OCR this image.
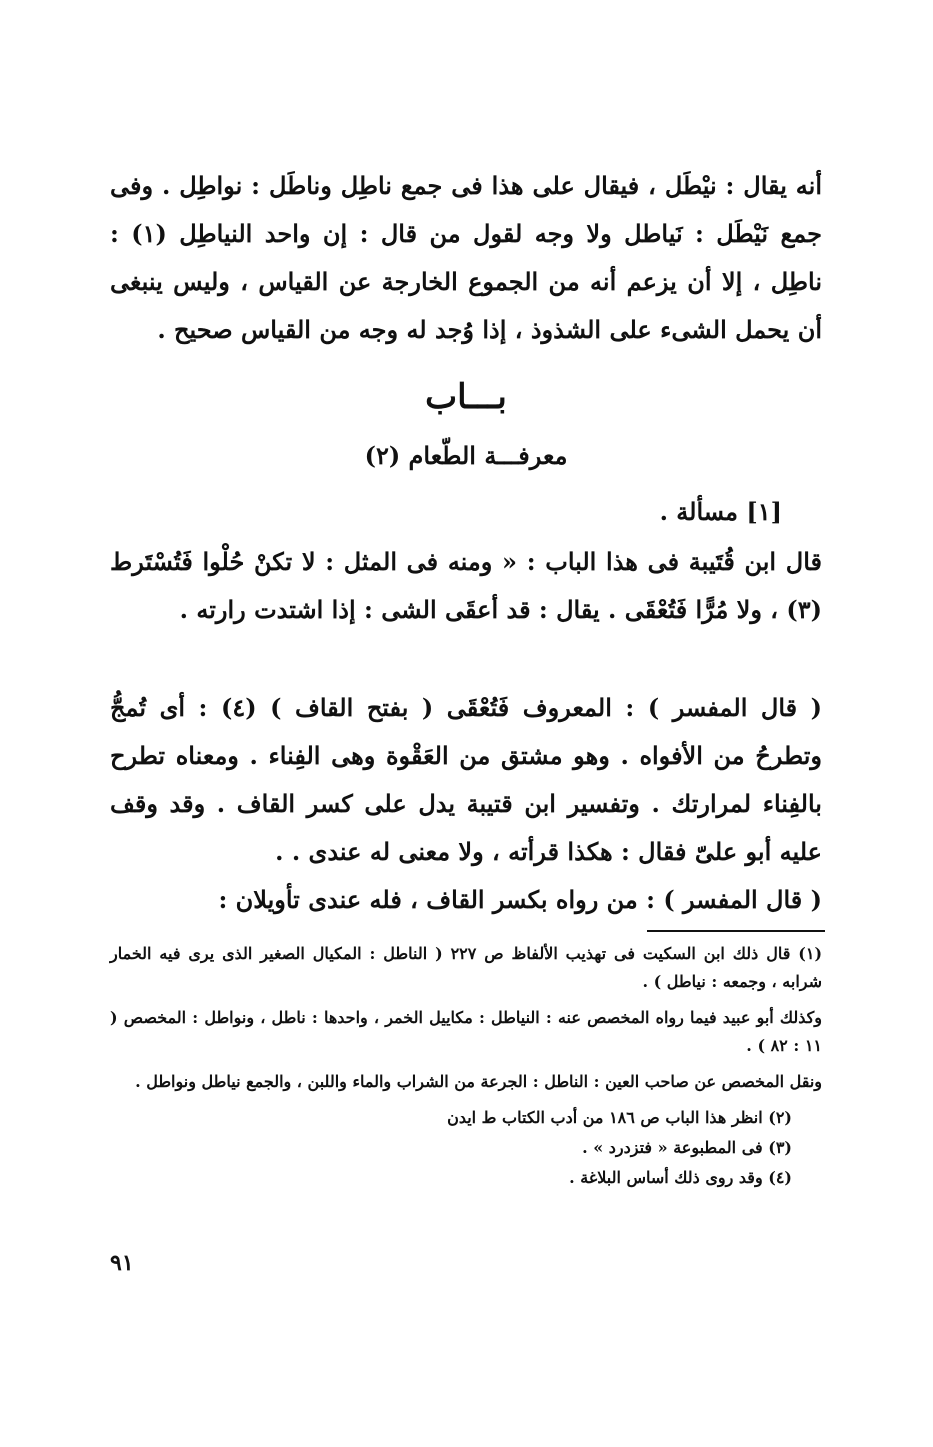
أنه يقال : نيْطَل ، فيقال على هذا فى جمع ناطِل وناطَل : نواطِل . وفى جمع نَيْطَل : نَياطل ولا وجه لقول من قال : إن واحد النياطِل (١) : ناطِل ، إلا أن يزعم أنه من الجموع الخارجة عن القياس ، وليس ينبغى أن يحمل الشىء على الشذوذ ، إذا وُجد له وجه من القياس صحيح .
بـــاب
معرفـــة الطّعام (٢)
[١] مسألة .
قال ابن قُتَيبة فى هذا الباب : « ومنه فى المثل : لا تكنْ حُلْوا فَتُسْتَرط (٣) ، ولا مُرًّا فَتُعْقَى . يقال : قد أعقَى الشى : إذا اشتدت رارته .
( قال المفسر ) : المعروف فَتُعْقَى ( بفتح القاف ) (٤) : أى تُمجُّ وتطرحُ من الأفواه . وهو مشتق من العَقْوة وهى الفِناء . ومعناه تطرح بالفِناء لمرارتك . وتفسير ابن قتيبة يدل على كسر القاف . وقد وقف عليه أبو علىّ فقال : هكذا قرأته ، ولا معنى له عندى . .
( قال المفسر ) : من رواه بكسر القاف ، فله عندى تأويلان :
(١) قال ذلك ابن السكيت فى تهذيب الألفاظ ص ٢٢٧ ( الناطل : المكيال الصغير الذى يرى فيه الخمار شرابه ، وجمعه : نياطل ) .
وكذلك أبو عبيد فيما رواه المخصص عنه : النياطل : مكاييل الخمر ، واحدها : ناطل ، ونواطل : المخصص ( ١١ : ٨٢ ) .
ونقل المخصص عن صاحب العين : الناطل : الجرعة من الشراب والماء واللبن ، والجمع نياطل ونواطل .
(٢) انظر هذا الباب ص ١٨٦ من أدب الكتاب ط ايدن
(٣) فى المطبوعة « فتزدرد » .
(٤) وقد روى ذلك أساس البلاغة .
٩١
